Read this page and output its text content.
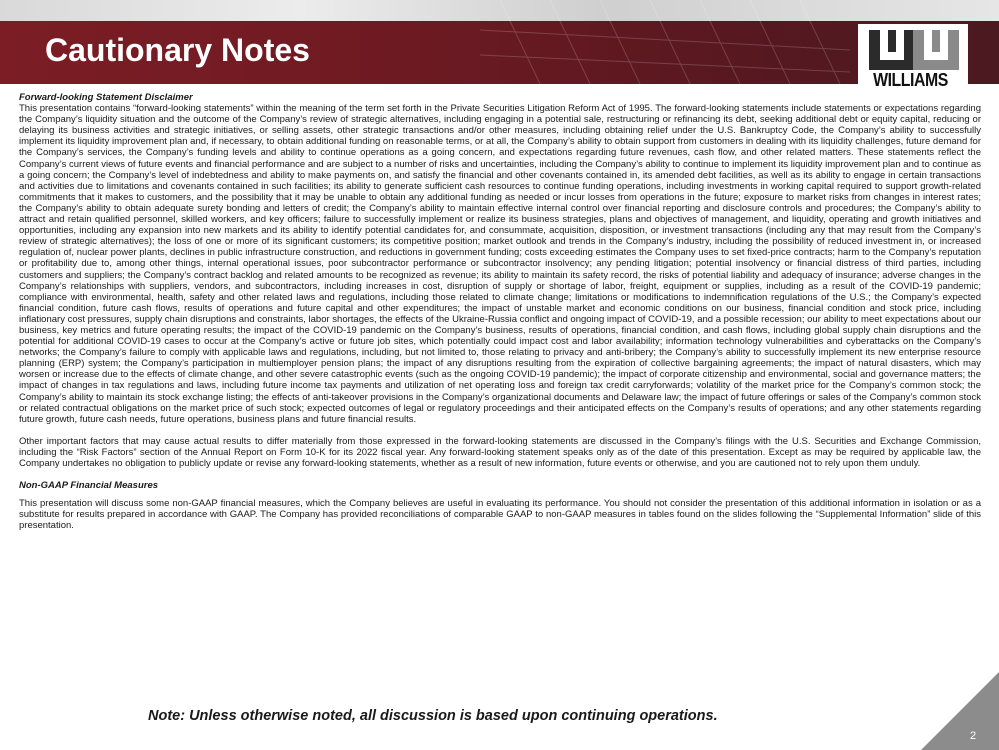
Cautionary Notes
WILLIAMS
Forward-looking Statement Disclaimer

This presentation contains “forward-looking statements” within the meaning of the term set forth in the Private Securities Litigation Reform Act of 1995. The forward-looking statements include statements or expectations regarding the Company’s liquidity situation and the outcome of the Company’s review of strategic alternatives, including engaging in a potential sale, restructuring or refinancing its debt, seeking additional debt or equity capital, reducing or delaying its business activities and strategic initiatives, or selling assets, other strategic transactions and/or other measures, including obtaining relief under the U.S. Bankruptcy Code, the Company’s ability to successfully implement its liquidity improvement plan and, if necessary, to obtain additional funding on reasonable terms, or at all, the Company’s ability to obtain support from customers in dealing with its liquidity challenges, future demand for the Company’s services, the Company’s funding levels and ability to continue operations as a going concern, and expectations regarding future revenues, cash flow, and other related matters. These statements reflect the Company’s current views of future events and financial performance and are subject to a number of risks and uncertainties, including the Company’s ability to continue to implement its liquidity improvement plan and to continue as a going concern; the Company’s level of indebtedness and ability to make payments on, and satisfy the financial and other covenants contained in, its amended debt facilities, as well as its ability to engage in certain transactions and activities due to limitations and covenants contained in such facilities; its ability to generate sufficient cash resources to continue funding operations, including investments in working capital required to support growth-related commitments that it makes to customers, and the possibility that it may be unable to obtain any additional funding as needed or incur losses from operations in the future; exposure to market risks from changes in interest rates; the Company’s ability to obtain adequate surety bonding and letters of credit; the Company’s ability to maintain effective internal control over financial reporting and disclosure controls and procedures; the Company’s ability to attract and retain qualified personnel, skilled workers, and key officers; failure to successfully implement or realize its business strategies, plans and objectives of management, and liquidity, operating and growth initiatives and opportunities, including any expansion into new markets and its ability to identify potential candidates for, and consummate, acquisition, disposition, or investment transactions (including any that may result from the Company’s review of strategic alternatives); the loss of one or more of its significant customers; its competitive position; market outlook and trends in the Company’s industry, including the possibility of reduced investment in, or increased regulation of, nuclear power plants, declines in public infrastructure construction, and reductions in government funding; costs exceeding estimates the Company uses to set fixed-price contracts; harm to the Company’s reputation or profitability due to, among other things, internal operational issues, poor subcontractor performance or subcontractor insolvency; any pending litigation; potential insolvency or financial distress of third parties, including customers and suppliers; the Company’s contract backlog and related amounts to be recognized as revenue; its ability to maintain its safety record, the risks of potential liability and adequacy of insurance; adverse changes in the Company’s relationships with suppliers, vendors, and subcontractors, including increases in cost, disruption of supply or shortage of labor, freight, equipment or supplies, including as a result of the COVID-19 pandemic; compliance with environmental, health, safety and other related laws and regulations, including those related to climate change; limitations or modifications to indemnification regulations of the U.S.; the Company’s expected financial condition, future cash flows, results of operations and future capital and other expenditures; the impact of unstable market and economic conditions on our business, financial condition and stock price, including inflationary cost pressures, supply chain disruptions and constraints, labor shortages, the effects of the Ukraine-Russia conflict and ongoing impact of COVID-19, and a possible recession; our ability to meet expectations about our business, key metrics and future operating results; the impact of the COVID-19 pandemic on the Company’s business, results of operations, financial condition, and cash flows, including global supply chain disruptions and the potential for additional COVID-19 cases to occur at the Company’s active or future job sites, which potentially could impact cost and labor availability; information technology vulnerabilities and cyberattacks on the Company’s networks; the Company’s failure to comply with applicable laws and regulations, including, but not limited to, those relating to privacy and anti-bribery; the Company’s ability to successfully implement its new enterprise resource planning (ERP) system; the Company’s participation in multiemployer pension plans; the impact of any disruptions resulting from the expiration of collective bargaining agreements; the impact of natural disasters, which may worsen or increase due to the effects of climate change, and other severe catastrophic events (such as the ongoing COVID-19 pandemic); the impact of corporate citizenship and environmental, social and governance matters; the impact of changes in tax regulations and laws, including future income tax payments and utilization of net operating loss and foreign tax credit carryforwards; volatility of the market price for the Company’s common stock; the Company’s ability to maintain its stock exchange listing; the effects of anti-takeover provisions in the Company’s organizational documents and Delaware law; the impact of future offerings or sales of the Company’s common stock or related contractual obligations on the market price of such stock; expected outcomes of legal or regulatory proceedings and their anticipated effects on the Company’s results of operations; and any other statements regarding future growth, future cash needs, future operations, business plans and future financial results.

Other important factors that may cause actual results to differ materially from those expressed in the forward-looking statements are discussed in the Company’s filings with the U.S. Securities and Exchange Commission, including the “Risk Factors” section of the Annual Report on Form 10-K for its 2022 fiscal year. Any forward-looking statement speaks only as of the date of this presentation. Except as may be required by applicable law, the Company undertakes no obligation to publicly update or revise any forward-looking statements, whether as a result of new information, future events or otherwise, and you are cautioned not to rely upon them unduly.

Non-GAAP Financial Measures

This presentation will discuss some non-GAAP financial measures, which the Company believes are useful in evaluating its performance. You should not consider the presentation of this additional information in isolation or as a substitute for results prepared in accordance with GAAP. The Company has provided reconciliations of comparable GAAP to non-GAAP measures in tables found on the slides following the “Supplemental Information” slide of this presentation.

Note: Unless otherwise noted, all discussion is based upon continuing operations.
2
